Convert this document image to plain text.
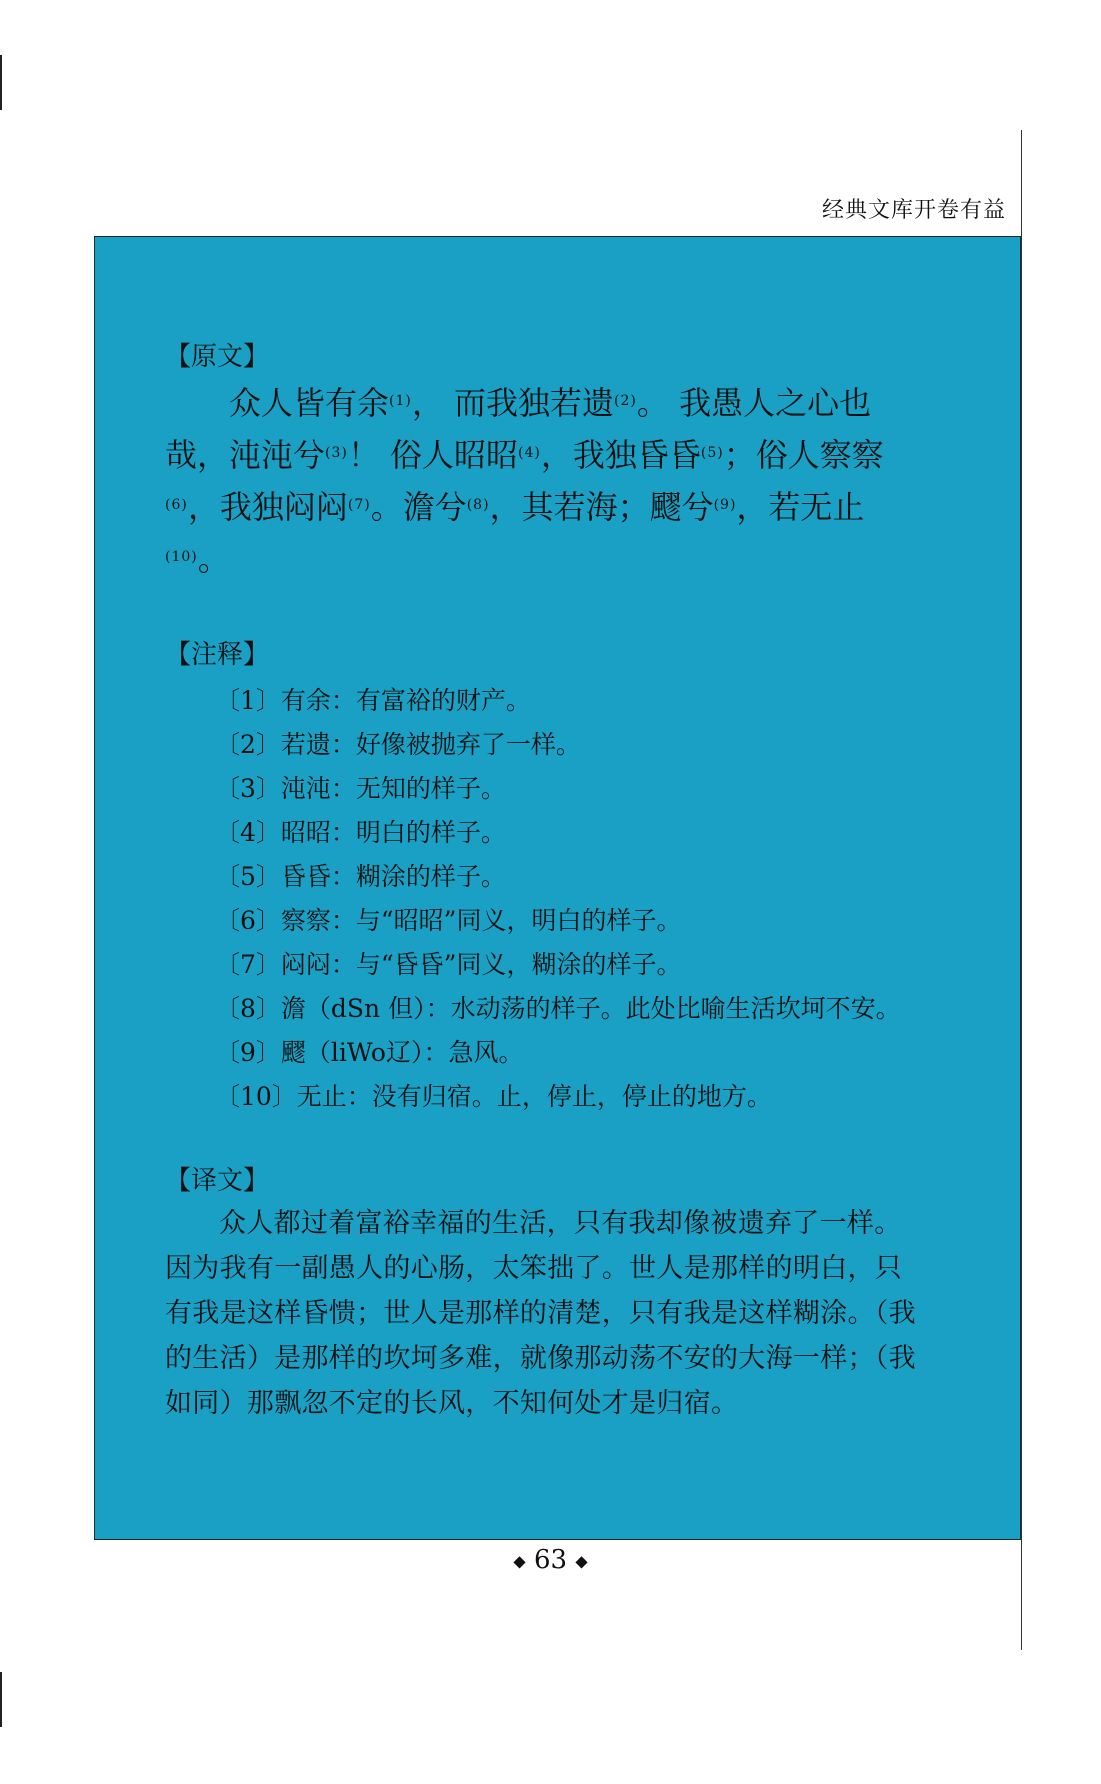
经典文库开卷有益

【原文】

众人皆有余$^{(1)}$， 而我独若遗$^{(2)}$。 我愚人之心也哉，沌沌兮$^{(3)}$！ 俗人昭昭$^{(4)}$，我独昏昏$^{(5)}$；俗人察察$^{(6)}$，我独闷闷$^{(7)}$。澹兮$^{(8)}$，其若海；飂兮$^{(9)}$，若无止$^{(10)}$。

【注释】

〔1〕有余：有富裕的财产。

〔2〕若遗：好像被抛弃了一样。

〔3〕沌沌：无知的样子。

〔4〕昭昭：明白的样子。

〔5〕昏昏：糊涂的样子。

〔6〕察察：与“昭昭”同义，明白的样子。

〔7〕闷闷：与“昏昏”同义，糊涂的样子。

〔8〕澹（dSn 但）：水动荡的样子。此处比喻生活坎坷不安。

〔9〕飂（liWo辽）：急风。

〔10〕无止：没有归宿。止，停止，停止的地方。

【译文】

众人都过着富裕幸福的生活，只有我却像被遗弃了一样。因为我有一副愚人的心肠，太笨拙了。世人是那样的明白，只有我是这样昏愦；世人是那样的清楚，只有我是这样糊涂。（我的生活）是那样的坎坷多难，就像那动荡不安的大海一样；（我如同）那飘忽不定的长风，不知何处才是归宿。

◆ 63 ◆
